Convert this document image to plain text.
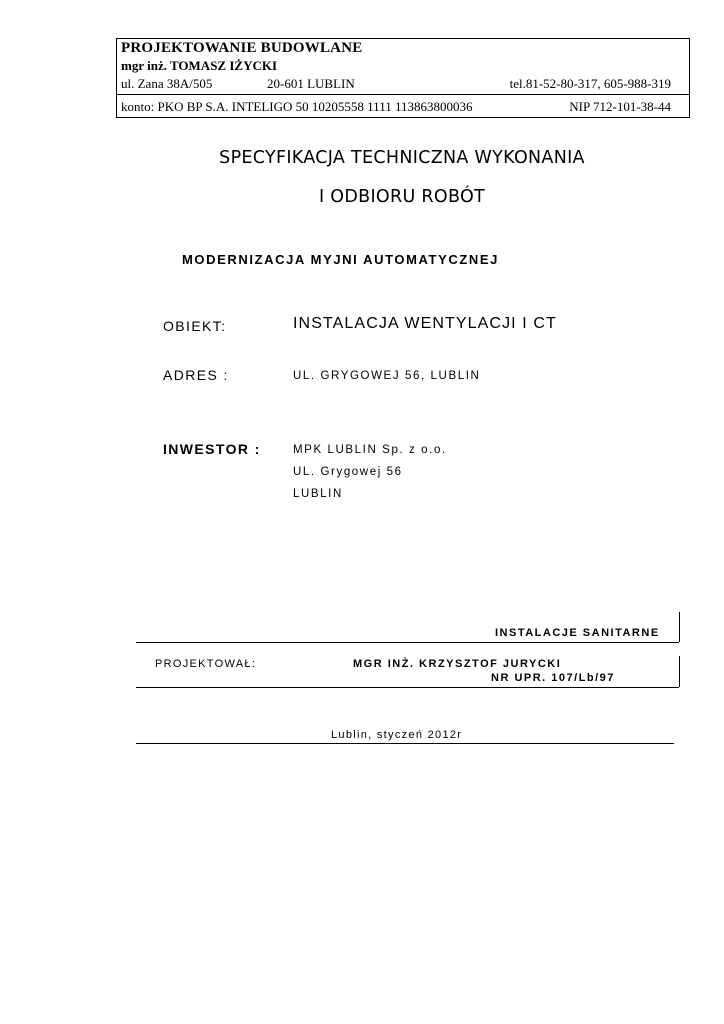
PROJEKTOWANIE BUDOWLANE
mgr inż. TOMASZ IŻYCKI
ul. Zana 38A/505	20-601 LUBLIN	tel.81-52-80-317, 605-988-319
konto: PKO BP S.A. INTELIGO 50 10205558 1111 113863800036	NIP 712-101-38-44
SPECYFIKACJA TECHNICZNA WYKONANIA
I ODBIORU ROBÓT
MODERNIZACJA MYJNI AUTOMATYCZNEJ
OBIEKT:	INSTALACJA WENTYLACJI I CT
ADRES :	UL. GRYGOWEJ 56, LUBLIN
INWESTOR :	MPK LUBLIN Sp. z o.o.
UL. Grygowej 56
LUBLIN
INSTALACJE SANITARNE
PROJEKTOWAŁ:	MGR INŻ. KRZYSZTOF JURYCKI
NR UPR. 107/Lb/97
Lublin, styczeń 2012r
